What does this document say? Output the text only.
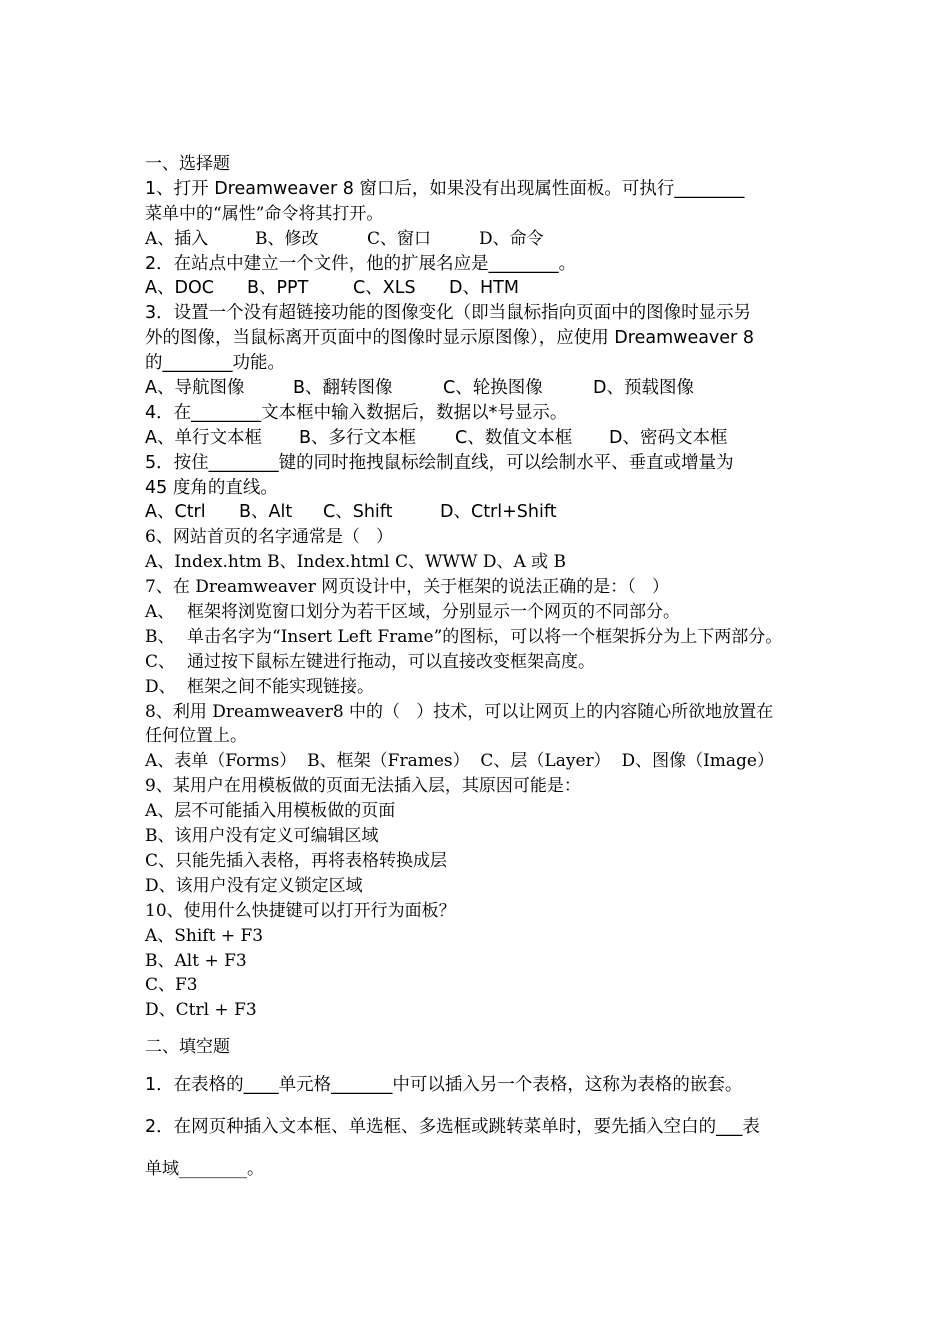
一、选择题
1、打开 Dreamweaver 8 窗口后，如果没有出现属性面板。可执行________
菜单中的“属性”命令将其打开。
A、插入	B、修改	C、窗口	D、命令
2．在站点中建立一个文件，他的扩展名应是________。
A、DOC	B、PPT	C、XLS	D、HTM
3．设置一个没有超链接功能的图像变化（即当鼠标指向页面中的图像时显示另
外的图像，当鼠标离开页面中的图像时显示原图像），应使用 Dreamweaver 8
的________功能。
A、导航图像	B、翻转图像	C、轮换图像	D、预载图像
4．在________文本框中输入数据后，数据以*号显示。
A、单行文本框	B、多行文本框	C、数值文本框	D、密码文本框
5．按住________键的同时拖拽鼠标绘制直线，可以绘制水平、垂直或增量为
45 度角的直线。
A、Ctrl	B、Alt	C、Shift	D、Ctrl+Shift
6、网站首页的名字通常是（   ）
A、Index.htm B、Index.html C、WWW D、A 或 B
7、在 Dreamweaver 网页设计中，关于框架的说法正确的是：（   ）
A、 框架将浏览窗口划分为若干区域，分别显示一个网页的不同部分。
B、 单击名字为“Insert Left Frame”的图标，可以将一个框架拆分为上下两部分。
C、 通过按下鼠标左键进行拖动，可以直接改变框架高度。
D、 框架之间不能实现链接。
8、利用 Dreamweaver8 中的（   ）技术，可以让网页上的内容随心所欲地放置在
任何位置上。
A、表单（Forms）  B、框架（Frames）  C、层（Layer）  D、图像（Image）
9、某用户在用模板做的页面无法插入层，其原因可能是：
A、层不可能插入用模板做的页面
B、该用户没有定义可编辑区域
C、只能先插入表格，再将表格转换成层
D、该用户没有定义锁定区域
10、使用什么快捷键可以打开行为面板？
A、Shift + F3
B、Alt + F3
C、F3
D、Ctrl + F3
二、填空题
1．在表格的____单元格_______中可以插入另一个表格，这称为表格的嵌套。
2．在网页种插入文本框、单选框、多选框或跳转菜单时，要先插入空白的___表
单域________。
